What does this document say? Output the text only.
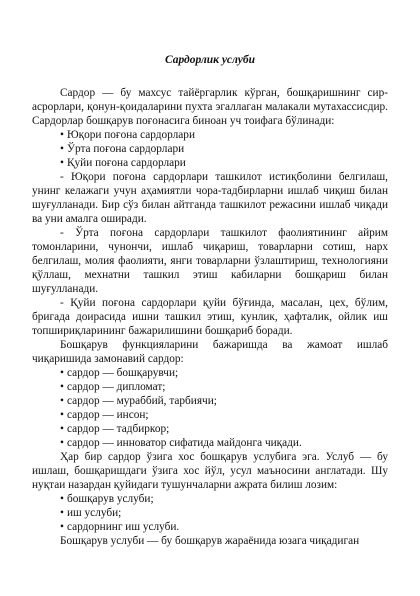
Сардорлик услуби

Сардор — бу махсус тайёргарлик кўрган, бошқаришнинг сир-асрорлари, қонун-қоидаларини пухта эгаллаган малакали мутахассисдир. Сардорлар бошқарув поғонасига биноан уч тоифага бўлинади:

• Юқори поғона сардорлари
• Ўрта поғона сардорлари
• Қуйи поғона сардорлари

- Юқори поғона сардорлари ташкилот истиқболини белгилаш, унинг келажаги учун аҳамиятли чора-тадбирларни ишлаб чиқиш билан шуғулланади. Бир сўз билан айтганда ташкилот режасини ишлаб чиқади ва уни амалга оширади.

- Ўрта поғона сардорлари ташкилот фаолиятининг айрим томонларини, чунончи, ишлаб чиқариш, товарларни сотиш, нарх белгилаш, молия фаолияти, янги товарларни ўзлаштириш, технологияни қўллаш, мехнатни ташкил этиш кабиларни бошқариш билан шуғулланади.

- Қуйи поғона сардорлари қуйи бўғинда, масалан, цех, бўлим, бригада доирасида ишни ташкил этиш, кунлик, ҳафталик, ойлик иш топшириқларининг бажарилишини бошқариб боради.

Бошқарув функцияларини бажаришда ва жамоат ишлаб чиқаришида замонавий сардор:

• сардор — бошқарувчи;
• сардор — дипломат;
• сардор — мураббий, тарбиячи;
• сардор — инсон;
• сардор — тадбиркор;
• сардор — инноватор сифатида майдонга чиқади.

Ҳар бир сардор ўзига хос бошқарув услубига эга. Услуб — бу ишлаш, бошқаришдаги ўзига хос йўл, усул маъносини англатади. Шу нуқтаи назардан қуйидаги тушунчаларни ажрата билиш лозим:

• бошқарув услуби;
• иш услуби;
• сардорнинг иш услуби.

Бошқарув услуби — бу бошқарув жараёнида юзага чиқадиган
